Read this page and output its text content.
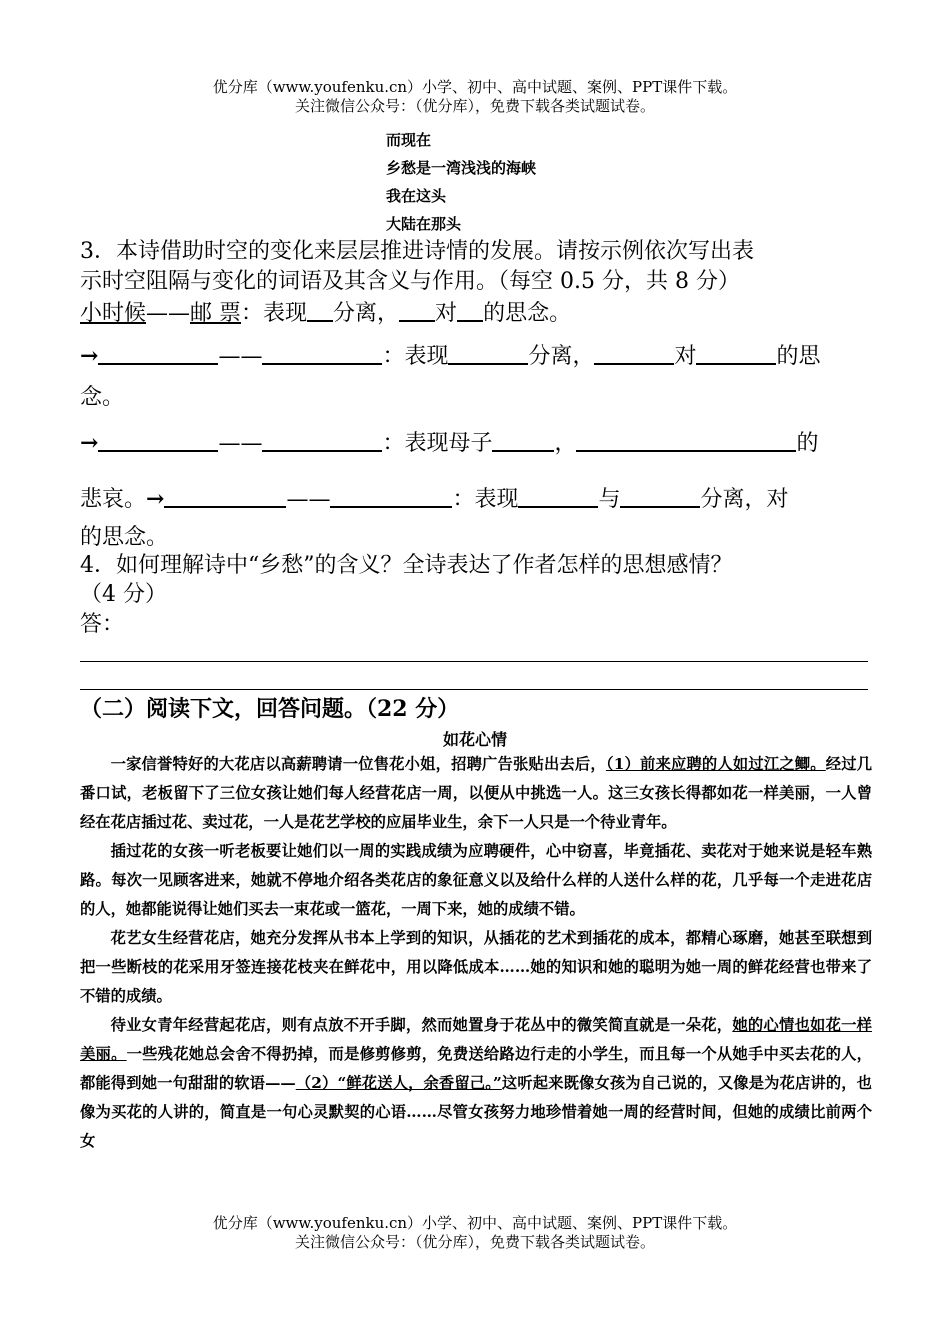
优分库（www.youfenku.cn）小学、初中、高中试题、案例、PPT课件下载。
关注微信公众号：（优分库），免费下载各类试题试卷。
而现在
乡愁是一湾浅浅的海峡
我在这头
大陆在那头
3．本诗借助时空的变化来层层推进诗情的发展。请按示例依次写出表
示时空阻隔与变化的词语及其含义与作用。（每空 0.5 分，共 8 分）
小时候——邮 票：表现 分离， 对 的思念。
→	——	：表现	分离，	对	的思
念。
→	——	：表现母子	，	的
悲哀。→	——	：表现	与	分离，对
的思念。
4．如何理解诗中“乡愁”的含义？全诗表达了作者怎样的思想感情？
（4 分）
答：
（二）阅读下文，回答问题。（22 分）
如花心情

一家信誉特好的大花店以高薪聘请一位售花小姐，招聘广告张贴出去后，（1）前来应聘的人如过江之鲫。经过几番口试，老板留下了三位女孩让她们每人经营花店一周，以便从中挑选一人。这三女孩长得都如花一样美丽，一人曾经在花店插过花、卖过花，一人是花艺学校的应届毕业生，余下一人只是一个待业青年。

插过花的女孩一听老板要让她们以一周的实践成绩为应聘硬件，心中窃喜，毕竟插花、卖花对于她来说是轻车熟路。每次一见顾客进来，她就不停地介绍各类花店的象征意义以及给什么样的人送什么样的花，几乎每一个走进花店的人，她都能说得让她们买去一束花或一篮花，一周下来，她的成绩不错。

花艺女生经营花店，她充分发挥从书本上学到的知识，从插花的艺术到插花的成本，都精心琢磨，她甚至联想到把一些断枝的花采用牙签连接花枝夹在鲜花中，用以降低成本……她的知识和她的聪明为她一周的鲜花经营也带来了不错的成绩。

待业女青年经营起花店，则有点放不开手脚，然而她置身于花丛中的微笑简直就是一朵花，她的心情也如花一样美丽。一些残花她总会舍不得扔掉，而是修剪修剪，免费送给路边行走的小学生，而且每一个从她手中买去花的人，都能得到她一句甜甜的软语——（2）“鲜花送人，余香留己。”这听起来既像女孩为自己说的，又像是为花店讲的，也像为买花的人讲的，简直是一句心灵默契的心语……尽管女孩努力地珍惜着她一周的经营时间，但她的成绩比前两个女

优分库（www.youfenku.cn）小学、初中、高中试题、案例、PPT课件下载。
关注微信公众号：（优分库），免费下载各类试题试卷。
